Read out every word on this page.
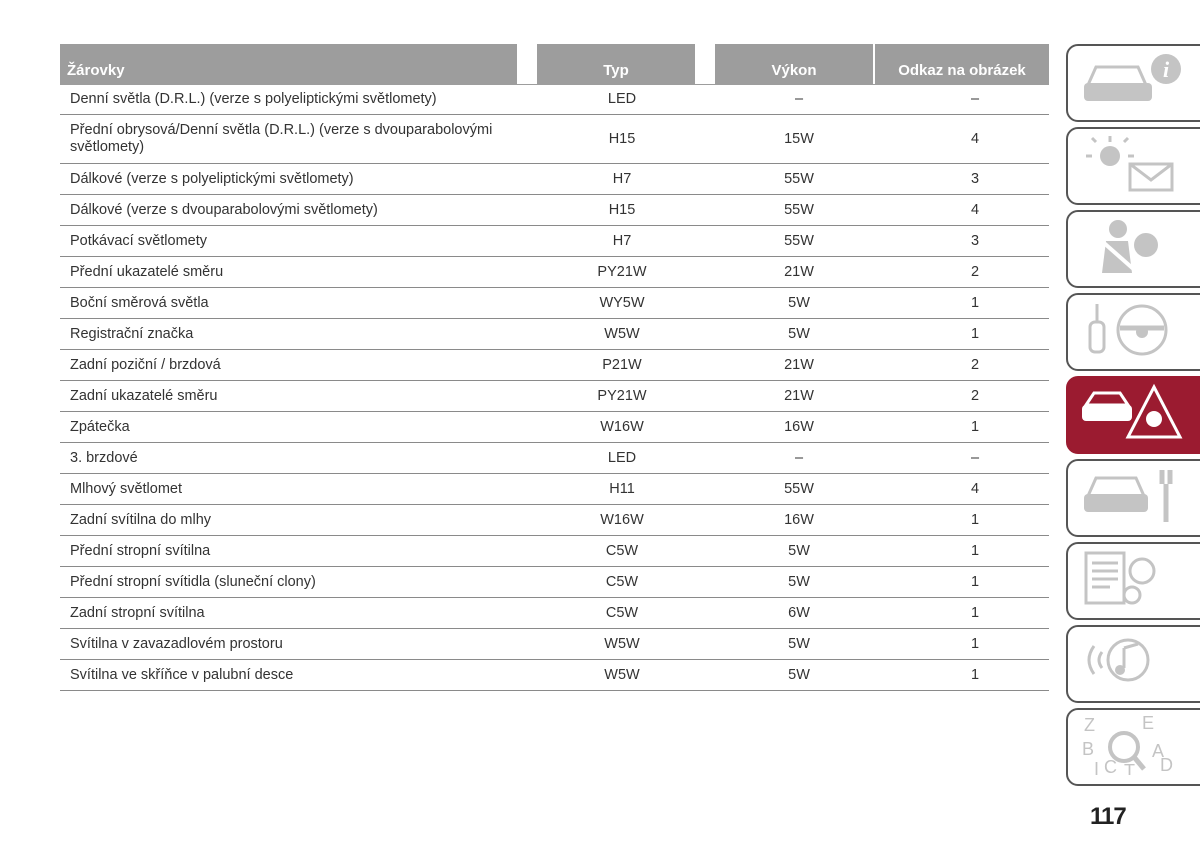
Žárovky	Typ	Výkon	Odkaz na obrázek
Denní světla (D.R.L.) (verze s polyeliptickými světlomety)	LED	–	–
Přední obrysová/Denní světla (D.R.L.) (verze s dvouparabolovými světlomety)	H15	15W	4
Dálkové (verze s polyeliptickými světlomety)	H7	55W	3
Dálkové (verze s dvouparabolovými světlomety)	H15	55W	4
Potkávací světlomety	H7	55W	3
Přední ukazatelé směru	PY21W	21W	2
Boční směrová světla	WY5W	5W	1
Registrační značka	W5W	5W	1
Zadní poziční / brzdová	P21W	21W	2
Zadní ukazatelé směru	PY21W	21W	2
Zpátečka	W16W	16W	1
3. brzdové	LED	–	–
Mlhový světlomet	H11	55W	4
Zadní svítilna do mlhy	W16W	16W	1
Přední stropní svítilna	C5W	5W	1
Přední stropní svítidla (sluneční clony)	C5W	5W	1
Zadní stropní svítilna	C5W	6W	1
Svítilna v zavazadlovém prostoru	W5W	5W	1
Svítilna ve skříňce v palubní desce	W5W	5W	1
i
Z	E
B	A
I C T D
117
